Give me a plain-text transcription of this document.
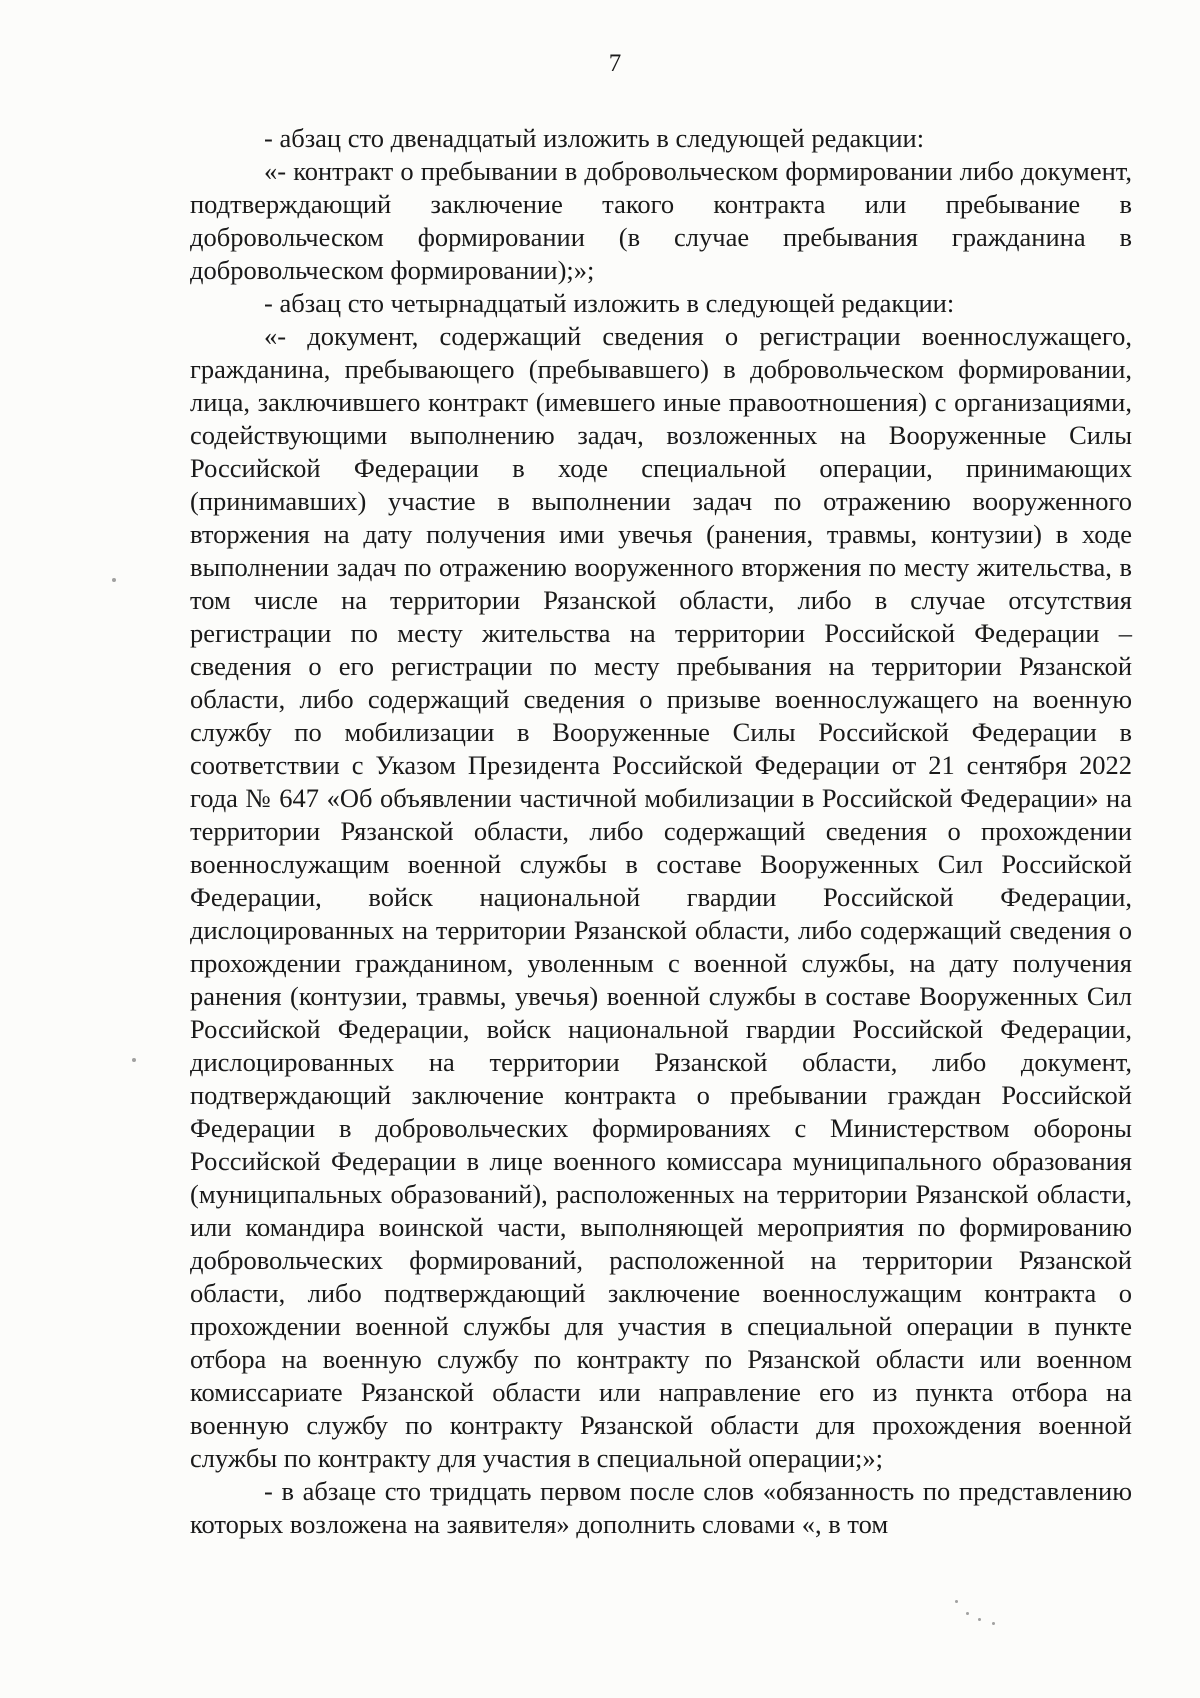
7

- абзац сто двенадцатый изложить в следующей редакции:

«- контракт о пребывании в добровольческом формировании либо документ, подтверждающий заключение такого контракта или пребывание в добровольческом формировании (в случае пребывания гражданина в добровольческом формировании);»;

- абзац сто четырнадцатый изложить в следующей редакции:

«- документ, содержащий сведения о регистрации военнослужащего, гражданина, пребывающего (пребывавшего) в добровольческом формировании, лица, заключившего контракт (имевшего иные правоотношения) с организациями, содействующими выполнению задач, возложенных на Вооруженные Силы Российской Федерации в ходе специальной операции, принимающих (принимавших) участие в выполнении задач по отражению вооруженного вторжения на дату получения ими увечья (ранения, травмы, контузии) в ходе выполнении задач по отражению вооруженного вторжения по месту жительства, в том числе на территории Рязанской области, либо в случае отсутствия регистрации по месту жительства на территории Российской Федерации – сведения о его регистрации по месту пребывания на территории Рязанской области, либо содержащий сведения о призыве военнослужащего на военную службу по мобилизации в Вооруженные Силы Российской Федерации в соответствии с Указом Президента Российской Федерации от 21 сентября 2022 года № 647 «Об объявлении частичной мобилизации в Российской Федерации» на территории Рязанской области, либо содержащий сведения о прохождении военнослужащим военной службы в составе Вооруженных Сил Российской Федерации, войск национальной гвардии Российской Федерации, дислоцированных на территории Рязанской области, либо содержащий сведения о прохождении гражданином, уволенным с военной службы, на дату получения ранения (контузии, травмы, увечья) военной службы в составе Вооруженных Сил Российской Федерации, войск национальной гвардии Российской Федерации, дислоцированных на территории Рязанской области, либо документ, подтверждающий заключение контракта о пребывании граждан Российской Федерации в добровольческих формированиях с Министерством обороны Российской Федерации в лице военного комиссара муниципального образования (муниципальных образований), расположенных на территории Рязанской области, или командира воинской части, выполняющей мероприятия по формированию добровольческих формирований, расположенной на территории Рязанской области, либо подтверждающий заключение военнослужащим контракта о прохождении военной службы для участия в специальной операции в пункте отбора на военную службу по контракту по Рязанской области или военном комиссариате Рязанской области или направление его из пункта отбора на военную службу по контракту Рязанской области для прохождения военной службы по контракту для участия в специальной операции;»;

- в абзаце сто тридцать первом после слов «обязанность по представлению которых возложена на заявителя» дополнить словами «, в том
